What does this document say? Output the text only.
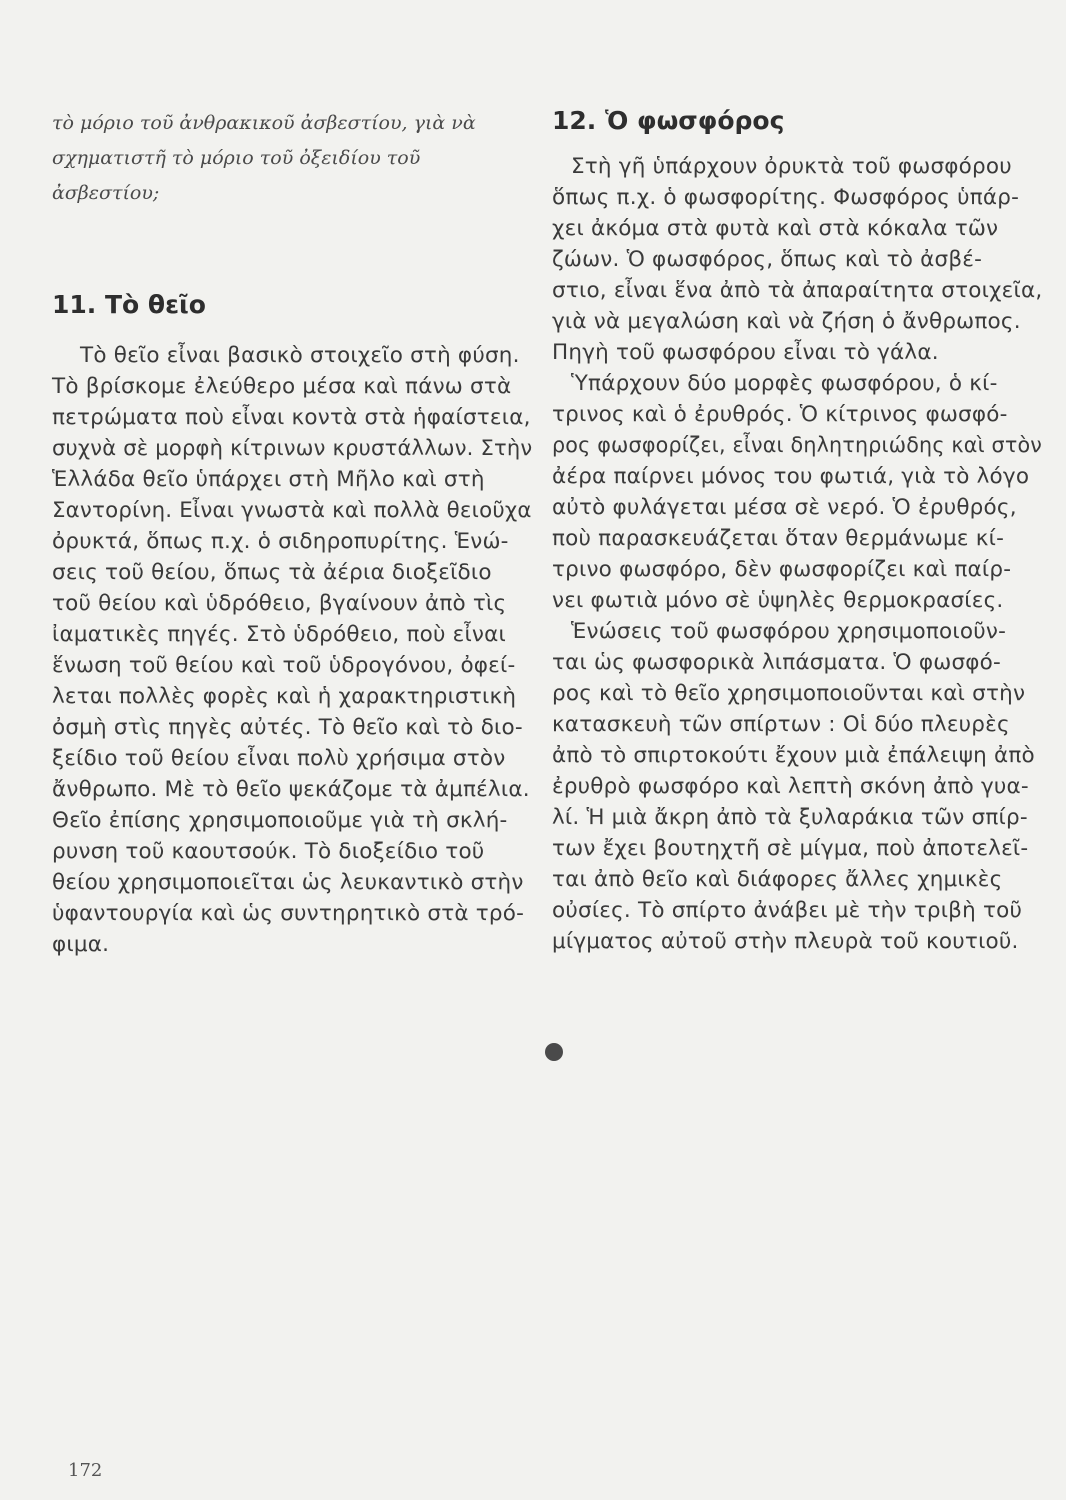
τὸ μόριο τοῦ ἀνθρακικοῦ ἀσβεστίου, γιὰ νὰ
σχηματιστῆ τὸ μόριο τοῦ ὀξειδίου τοῦ
ἀσβεστίου;
11. Τὸ θεῖο
Τὸ θεῖο εἶναι βασικὸ στοιχεῖο στὴ φύση.
Τὸ βρίσκομε ἐλεύθερο μέσα καὶ πάνω στὰ
πετρώματα ποὺ εἶναι κοντὰ στὰ ἡφαίστεια,
συχνὰ σὲ μορφὴ κίτρινων κρυστάλλων. Στὴν
Ἑλλάδα θεῖο ὑπάρχει στὴ Μῆλο καὶ στὴ
Σαντορίνη. Εἶναι γνωστὰ καὶ πολλὰ θειοῦχα
ὀρυκτά, ὅπως π.χ. ὁ σιδηροπυρίτης. Ἑνώ-
σεις τοῦ θείου, ὅπως τὰ ἀέρια διοξεῖδιο
τοῦ θείου καὶ ὑδρόθειο, βγαίνουν ἀπὸ τὶς
ἰαματικὲς πηγές. Στὸ ὑδρόθειο, ποὺ εἶναι
ἕνωση τοῦ θείου καὶ τοῦ ὑδρογόνου, ὀφεί-
λεται πολλὲς φορὲς καὶ ἡ χαρακτηριστικὴ
ὀσμὴ στὶς πηγὲς αὐτές. Τὸ θεῖο καὶ τὸ διο-
ξείδιο τοῦ θείου εἶναι πολὺ χρήσιμα στὸν
ἄνθρωπο. Μὲ τὸ θεῖο ψεκάζομε τὰ ἀμπέλια.
Θεῖο ἐπίσης χρησιμοποιοῦμε γιὰ τὴ σκλή-
ρυνση τοῦ καουτσούκ. Τὸ διοξείδιο τοῦ
θείου χρησιμοποιεῖται ὡς λευκαντικὸ στὴν
ὑφαντουργία καὶ ὡς συντηρητικὸ στὰ τρό-
φιμα.
12. Ὁ φωσφόρος
Στὴ γῆ ὑπάρχουν ὀρυκτὰ τοῦ φωσφόρου
ὅπως π.χ. ὁ φωσφορίτης. Φωσφόρος ὑπάρ-
χει ἀκόμα στὰ φυτὰ καὶ στὰ κόκαλα τῶν
ζώων. Ὁ φωσφόρος, ὅπως καὶ τὸ ἀσβέ-
στιο, εἶναι ἕνα ἀπὸ τὰ ἀπαραίτητα στοιχεῖα,
γιὰ νὰ μεγαλώση καὶ νὰ ζήση ὁ ἄνθρωπος.
Πηγὴ τοῦ φωσφόρου εἶναι τὸ γάλα.
Ὑπάρχουν δύο μορφὲς φωσφόρου, ὁ κί-
τρινος καὶ ὁ ἐρυθρός. Ὁ κίτρινος φωσφό-
ρος φωσφορίζει, εἶναι δηλητηριώδης καὶ στὸν
ἀέρα παίρνει μόνος του φωτιά, γιὰ τὸ λόγο
αὐτὸ φυλάγεται μέσα σὲ νερό. Ὁ ἐρυθρός,
ποὺ παρασκευάζεται ὅταν θερμάνωμε κί-
τρινο φωσφόρο, δὲν φωσφορίζει καὶ παίρ-
νει φωτιὰ μόνο σὲ ὑψηλὲς θερμοκρασίες.
Ἑνώσεις τοῦ φωσφόρου χρησιμοποιοῦν-
ται ὡς φωσφορικὰ λιπάσματα. Ὁ φωσφό-
ρος καὶ τὸ θεῖο χρησιμοποιοῦνται καὶ στὴν
κατασκευὴ τῶν σπίρτων : Οἱ δύο πλευρὲς
ἀπὸ τὸ σπιρτοκούτι ἔχουν μιὰ ἐπάλειψη ἀπὸ
ἐρυθρὸ φωσφόρο καὶ λεπτὴ σκόνη ἀπὸ γυα-
λί. Ἡ μιὰ ἄκρη ἀπὸ τὰ ξυλαράκια τῶν σπίρ-
των ἔχει βουτηχτῆ σὲ μίγμα, ποὺ ἀποτελεῖ-
ται ἀπὸ θεῖο καὶ διάφορες ἄλλες χημικὲς
οὐσίες. Τὸ σπίρτο ἀνάβει μὲ τὴν τριβὴ τοῦ
μίγματος αὐτοῦ στὴν πλευρὰ τοῦ κουτιοῦ.
172
